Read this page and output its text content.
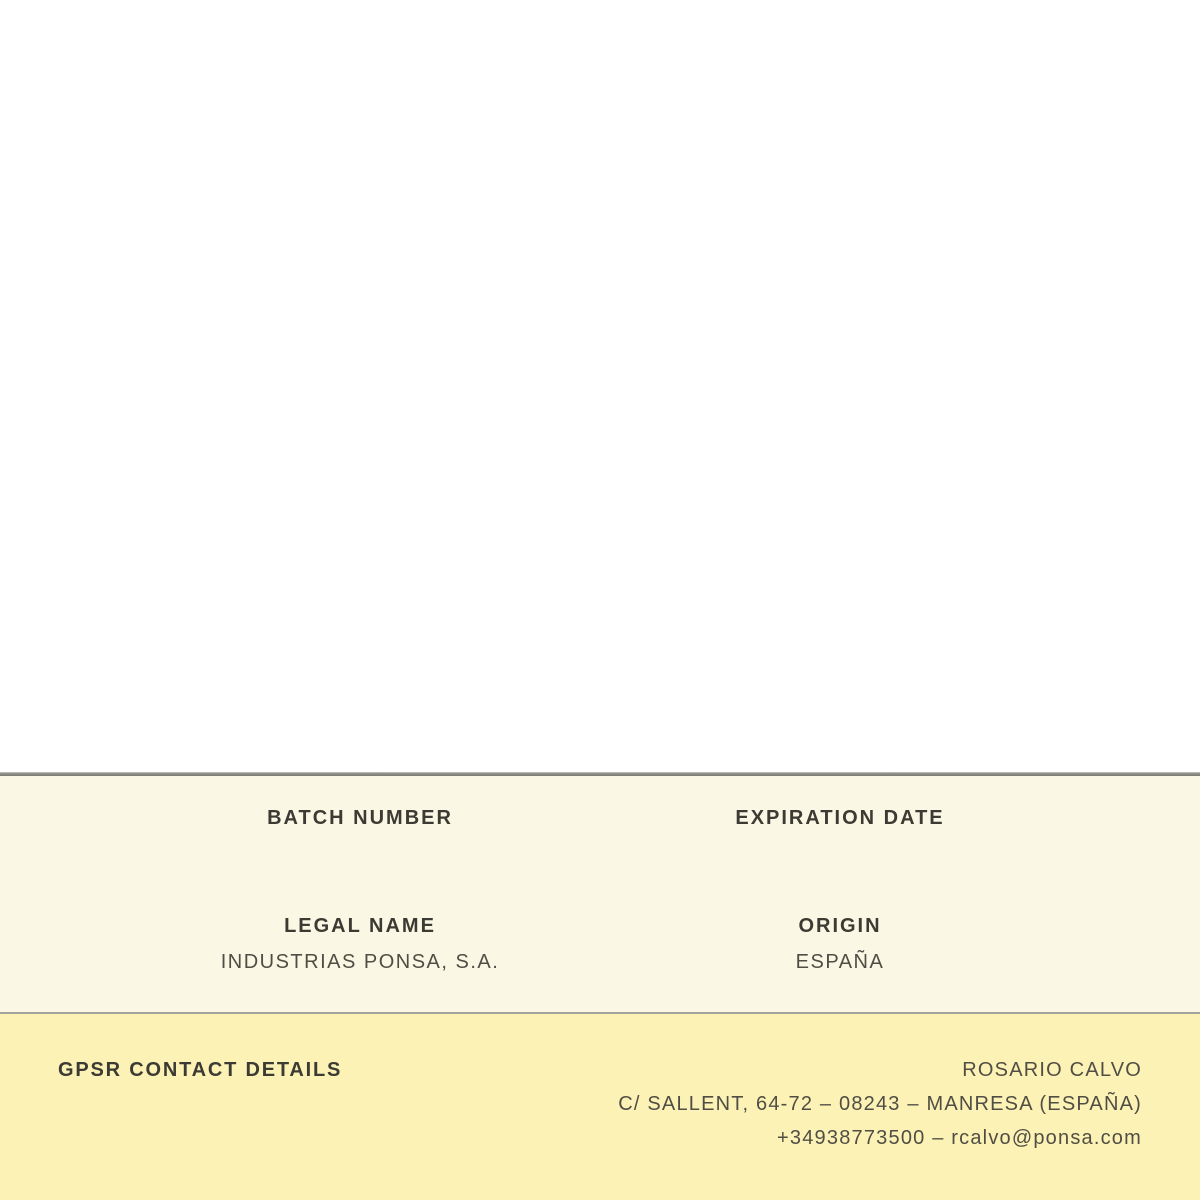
BATCH NUMBER
LEGAL NAME
INDUSTRIAS PONSA, S.A.
EXPIRATION DATE
ORIGIN
ESPAÑA
GPSR CONTACT DETAILS	ROSARIO CALVO
C/ SALLENT, 64-72 – 08243 – MANRESA (ESPAÑA)
+34938773500 – rcalvo@ponsa.com
